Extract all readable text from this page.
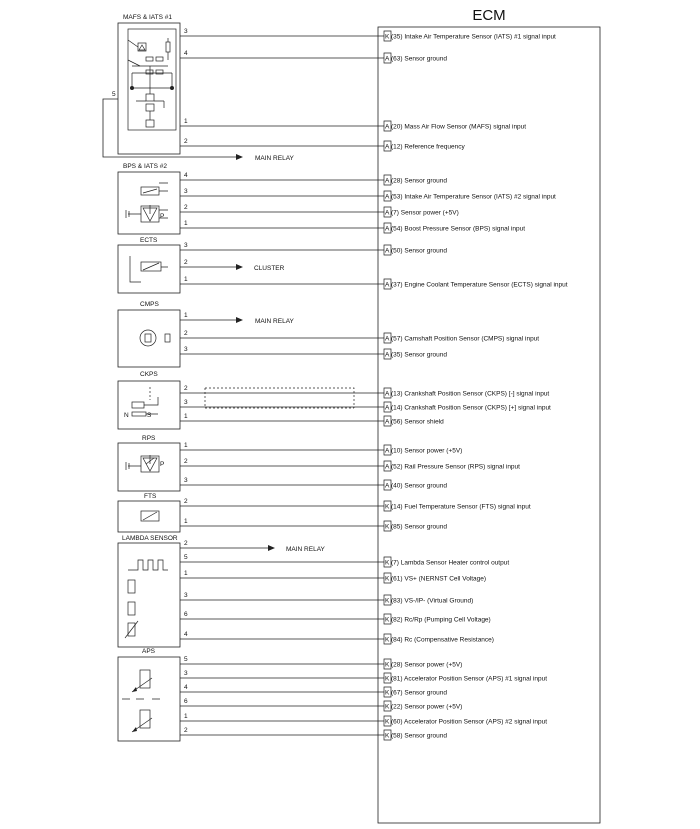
ECM
MAFS & IATS #1
5
MAIN RELAY
BPS & IATS #2
P
ECTS
2
CLUSTER
CMPS
1
MAIN RELAY
CKPS
N	S
RPS
P
FTS
LAMBDA SENSOR
2
MAIN RELAY
APS
3
K (35) Intake Air Temperature Sensor (IATS) #1 signal input
4
A (63) Sensor ground
1
A (20) Mass Air Flow Sensor (MAFS) signal input
2
A (12) Reference frequency
4
A (28) Sensor ground
3
A (53) Intake Air Temperature Sensor (IATS) #2 signal input
2
A (7) Sensor power (+5V)
1
A (54) Boost Pressure Sensor (BPS) signal input
3
A (50) Sensor ground
1
A (37) Engine Coolant Temperature Sensor (ECTS) signal input
2
A (57) Camshaft Position Sensor (CMPS) signal input
3
A (35) Sensor ground
2
A (13) Crankshaft Position Sensor (CKPS) [-] signal input
3
A (14) Crankshaft Position Sensor (CKPS) [+] signal input
1
A (56) Sensor shield
1
A (10) Sensor power (+5V)
2
A (52) Rail Pressure Sensor (RPS) signal input
3
A (40) Sensor ground
2
K (14) Fuel Temperature Sensor (FTS) signal input
1
K (85) Sensor ground
5
K (7) Lambda Sensor Heater control output
1
K (61) VS+ (NERNST Cell Voltage)
3
K (83) VS-/IP- (Virtual Ground)
6
K (82) Rc/Rp (Pumping Cell Voltage)
4
K (84) Rc (Compensative Resistance)
5
K (28) Sensor power (+5V)
3
K (81) Accelerator Position Sensor (APS) #1 signal input
4
K (67) Sensor ground
6
K (22) Sensor power (+5V)
1
K (60) Accelerator Position Sensor (APS) #2 signal input
2
K (58) Sensor ground
